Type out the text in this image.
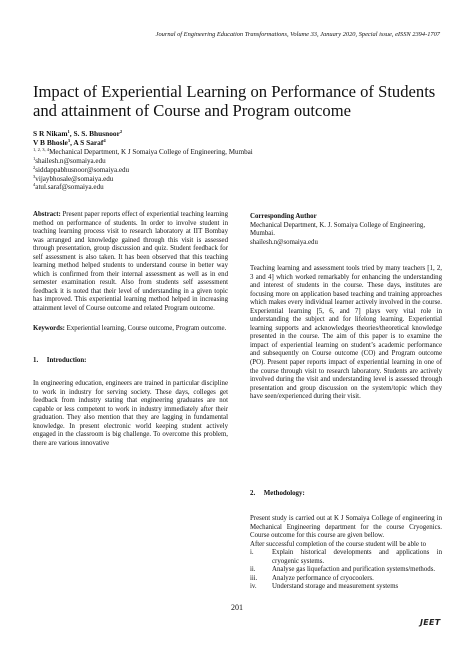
Journal of Engineering Education Transformations, Volume 33, January 2020, Special issue, eISSN 2394-1707
Impact of Experiential Learning on Performance of Students and attainment of Course and Program outcome
S R Nikam$^1$, S. S. Bhusnoor$^2$
V B Bhosle$^3$, A S Saraf$^4$
$^{1, 2, 3, 4}$Mechanical Department, K J Somaiya College of Engineering, Mumbai
$^1$shailesh.n@somaiya.edu
$^2$siddappabhusnoor@somaiya.edu
$^3$vijaybhosale@somaiya.edu
$^4$atul.saraf@somaiya.edu
Abstract: Present paper reports effect of experiential teaching learning method on performance of students. In order to involve student in teaching learning process visit to research laboratory at IIT Bombay was arranged and knowledge gained through this visit is assessed through presentation, group discussion and quiz. Student feedback for self assessment is also taken. It has been observed that this teaching learning method helped students to understand course in better way which is confirmed from their internal assessment as well as in end semester examination result. Also from students self assessment feedback it is noted that their level of understanding in a given topic has improved. This experiential learning method helped in increasing attainment level of Course outcome and related Program outcome.
Keywords: Experiential learning, Course outcome, Program outcome.
1.     Introduction:
In engineering education, engineers are trained in particular discipline to work in industry for serving society. These days, colleges get feedback from industry stating that engineering graduates are not capable or less competent to work in industry immediately after their graduation. They also mention that they are lagging in fundamental knowledge. In present electronic world keeping student actively engaged in the classroom is big challenge. To overcome this problem, there are various innovative
Corresponding Author
Mechanical Department, K. J. Somaiya College of Engineering, Mumbai.
shailesh.n@somaiya.edu
Teaching learning and assessment tools tried by many teachers [1, 2, 3 and 4] which worked remarkably for enhancing the understanding and interest of students in the course. These days, institutes are focusing more on application based teaching and training approaches which makes every individual learner actively involved in the course. Experiential learning [5, 6, and 7] plays very vital role in understanding the subject and for lifelong learning. Experiential learning supports and acknowledges theories/theoretical knowledge presented in the course. The aim of this paper is to examine the impact of experiential learning on student’s academic performance and subsequently on Course outcome (CO) and Program outcome (PO). Present paper reports impact of experiential learning in one of the course through visit to research laboratory. Students are actively involved during the visit and understanding level is assessed through presentation and group discussion on the system/topic which they have seen/experienced during their visit.
2.     Methodology:
Present study is carried out at K J Somaiya College of engineering in Mechanical Engineering department for the course Cryogenics. Course outcome for this course are given bellow.
After successful completion of the course student will be able to
i.	Explain historical developments and applications in cryogenic systems.
ii.	Analyse gas liquefaction and purification systems/methods.
iii.	Analyze performance of cryocoolers.
iv.	Understand storage and measurement systems
201
JEET
